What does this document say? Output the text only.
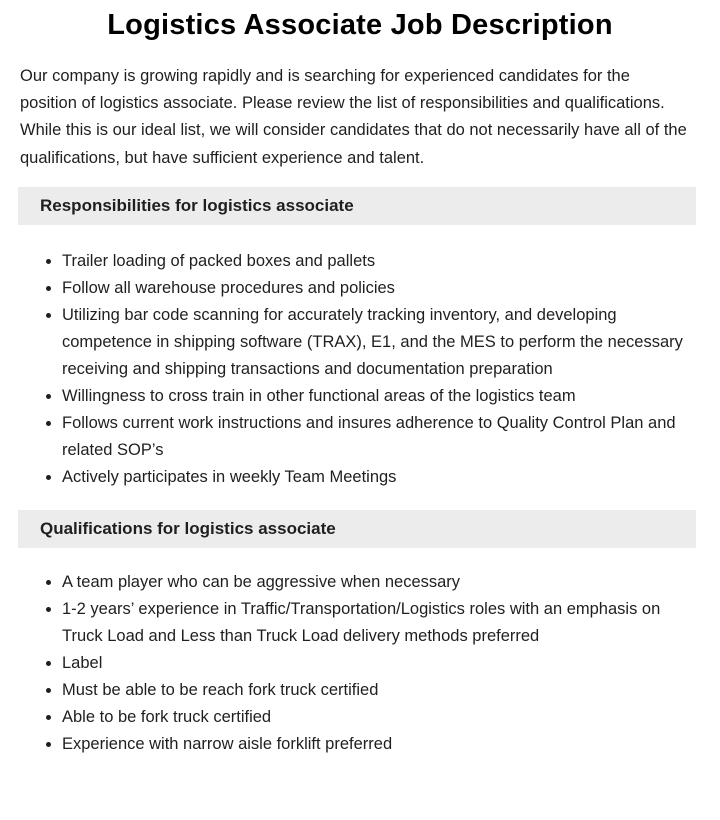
Logistics Associate Job Description

Our company is growing rapidly and is searching for experienced candidates for the position of logistics associate. Please review the list of responsibilities and qualifications. While this is our ideal list, we will consider candidates that do not necessarily have all of the qualifications, but have sufficient experience and talent.

Responsibilities for logistics associate
• Trailer loading of packed boxes and pallets
• Follow all warehouse procedures and policies
• Utilizing bar code scanning for accurately tracking inventory, and developing competence in shipping software (TRAX), E1, and the MES to perform the necessary receiving and shipping transactions and documentation preparation
• Willingness to cross train in other functional areas of the logistics team
• Follows current work instructions and insures adherence to Quality Control Plan and related SOP’s
• Actively participates in weekly Team Meetings
Qualifications for logistics associate
• A team player who can be aggressive when necessary
• 1-2 years’ experience in Traffic/Transportation/Logistics roles with an emphasis on Truck Load and Less than Truck Load delivery methods preferred
• Label
• Must be able to be reach fork truck certified
• Able to be fork truck certified
• Experience with narrow aisle forklift preferred
